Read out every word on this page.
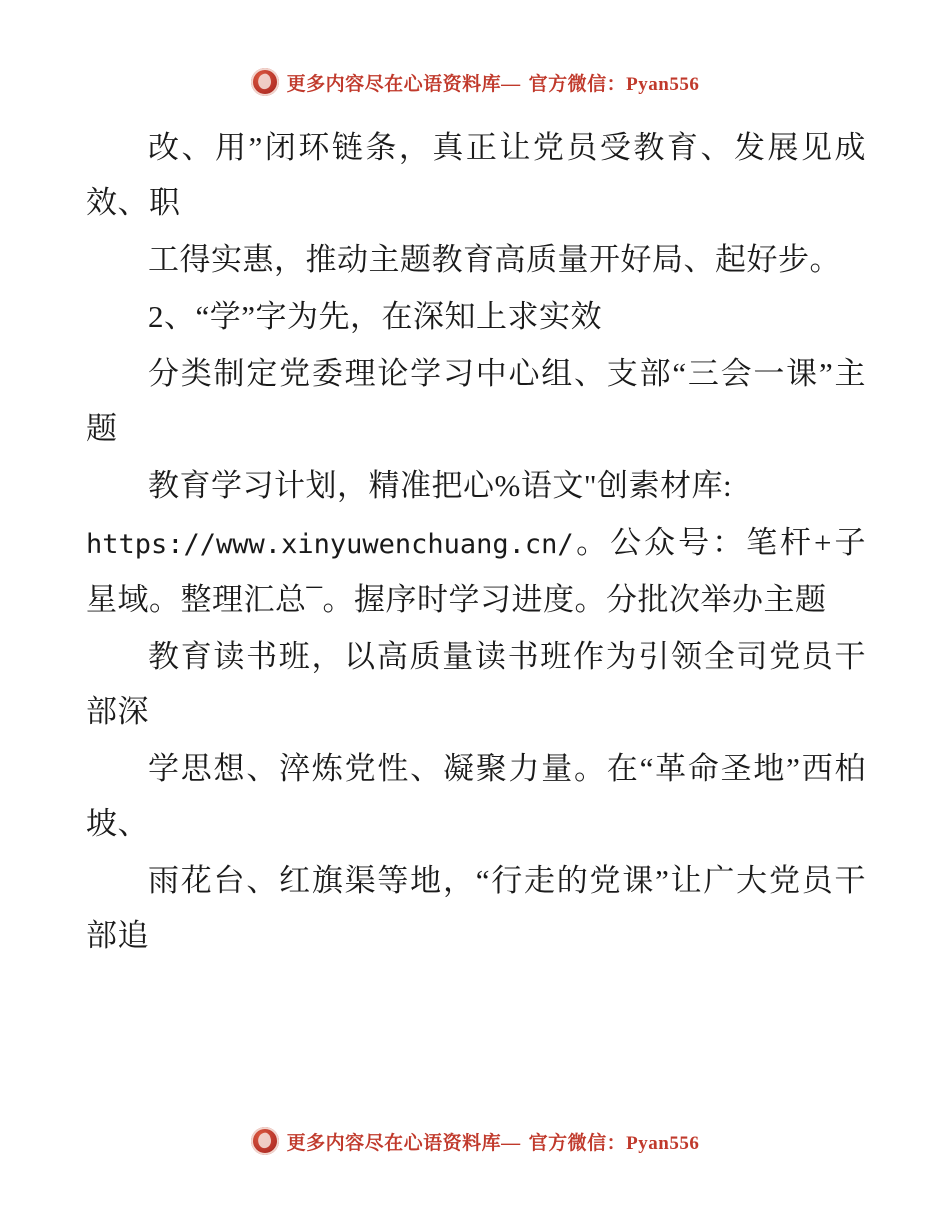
更多内容尽在心语资料库— 官方微信：Pyan556

改、用”闭环链条，真正让党员受教育、发展见成效、职

工得实惠，推动主题教育高质量开好局、起好步。

2、“学”字为先，在深知上求实效

分类制定党委理论学习中心组、支部“三会一课”主题

教育学习计划，精准把心%语文"创素材库:

https://www.xinyuwenchuang.cn/。公众号：笔杆+子星域。整理汇总¯。握序时学习进度。分批次举办主题

教育读书班，以高质量读书班作为引领全司党员干部深

学思想、淬炼党性、凝聚力量。在“革命圣地”西柏坡、

雨花台、红旗渠等地，“行走的党课”让广大党员干部追

更多内容尽在心语资料库— 官方微信：Pyan556
